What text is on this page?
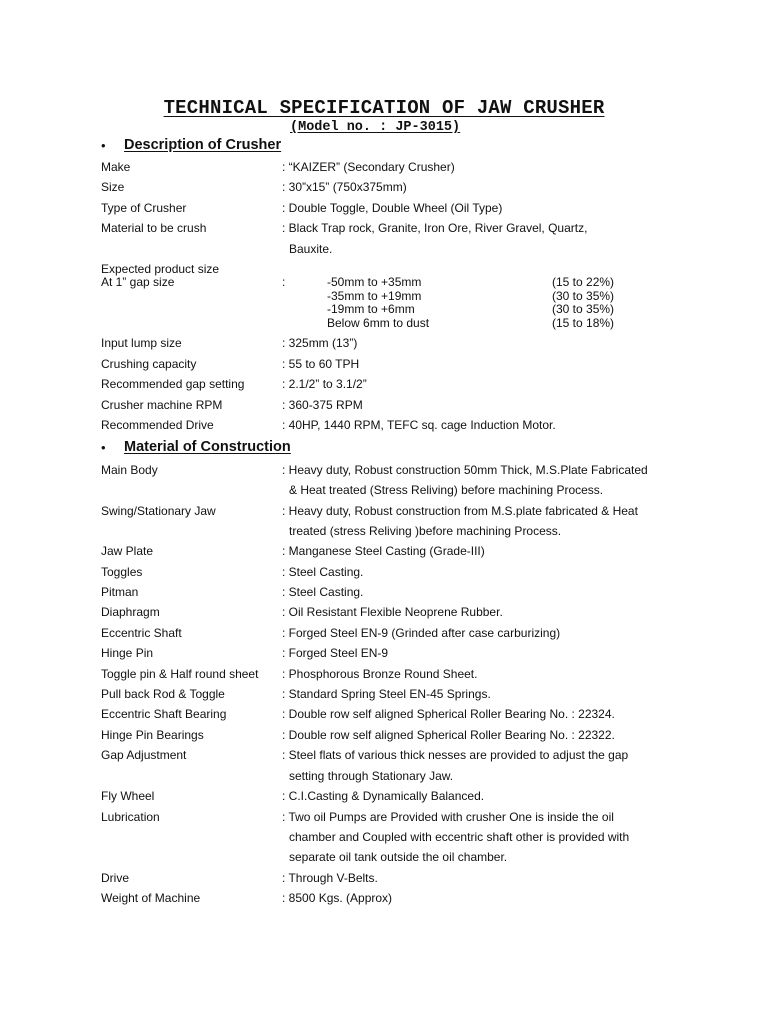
TECHNICAL SPECIFICATION OF JAW CRUSHER
(Model no. : JP-3015)
•	Description of Crusher
Make	: “KAIZER” (Secondary Crusher)
Size	: 30”x15” (750x375mm)
Type of Crusher	: Double Toggle, Double Wheel (Oil Type)
Material to be crush	: Black Trap rock, Granite, Iron Ore, River Gravel, Quartz,
Bauxite.
Expected product size
At 1” gap size	:	-50mm to +35mm	(15 to 22%)
-35mm to +19mm	(30 to 35%)
-19mm to +6mm	(30 to 35%)
Below 6mm to dust	(15 to 18%)
Input lump size	: 325mm (13”)
Crushing capacity	: 55 to 60 TPH
Recommended gap setting	: 2.1/2” to 3.1/2”
Crusher machine RPM	: 360-375 RPM
Recommended Drive	: 40HP, 1440 RPM, TEFC sq. cage Induction Motor.
•	Material of Construction
Main Body	: Heavy duty, Robust construction 50mm Thick, M.S.Plate Fabricated
& Heat treated (Stress Reliving) before machining Process.
Swing/Stationary Jaw	: Heavy duty, Robust construction from M.S.plate fabricated & Heat
treated (stress Reliving )before machining Process.
Jaw Plate	: Manganese Steel Casting (Grade-III)
Toggles	: Steel Casting.
Pitman	: Steel Casting.
Diaphragm	: Oil Resistant Flexible Neoprene Rubber.
Eccentric Shaft	: Forged Steel EN-9 (Grinded after case carburizing)
Hinge Pin	: Forged Steel EN-9
Toggle pin & Half round sheet : Phosphorous Bronze Round Sheet.
Pull back Rod & Toggle	: Standard Spring Steel EN-45 Springs.
Eccentric Shaft Bearing	: Double row self aligned Spherical Roller Bearing No. : 22324.
Hinge Pin Bearings	: Double row self aligned Spherical Roller Bearing No. : 22322.
Gap Adjustment	: Steel flats of various thick nesses are provided to adjust the gap
setting through Stationary Jaw.
Fly Wheel	: C.I.Casting & Dynamically Balanced.
Lubrication	: Two oil Pumps are Provided with crusher One is inside the oil
chamber and Coupled with eccentric shaft other is provided with
separate oil tank outside the oil chamber.
Drive	: Through V-Belts.
Weight of Machine	: 8500 Kgs. (Approx)
